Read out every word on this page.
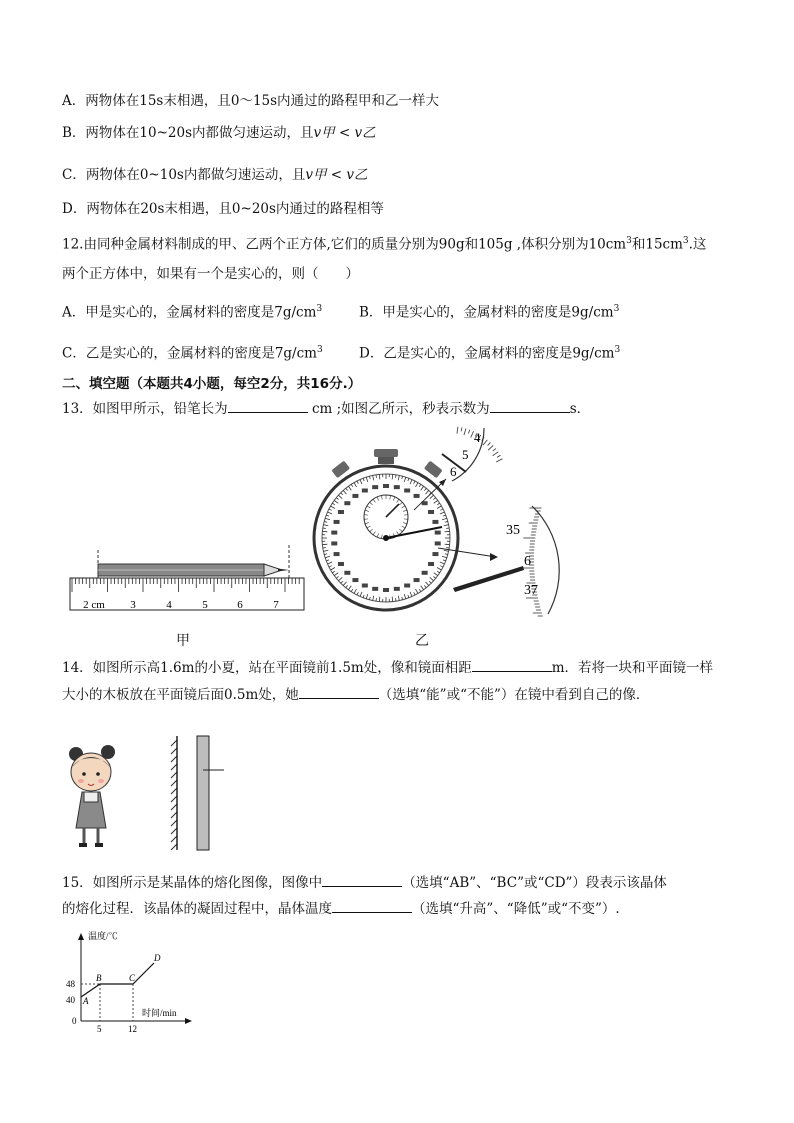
A．两物体在15s末相遇，且0～15s内通过的路程甲和乙一样大
B．两物体在10~20s内都做匀速运动，且v甲 < v乙
C．两物体在0~10s内都做匀速运动，且v甲 < v乙
D．两物体在20s末相遇，且0~20s内通过的路程相等
12.由同种金属材料制成的甲、乙两个正方体,它们的质量分别为90g和105g ,体积分别为$10cm^3$和$15cm^3$.这
两个正方体中，如果有一个是实心的，则（　　）
A．甲是实心的，金属材料的密度是$7g/cm^3$	B．甲是实心的，金属材料的密度是$9g/cm^3$
C．乙是实心的，金属材料的密度是$7g/cm^3$	D．乙是实心的，金属材料的密度是$9g/cm^3$
二、填空题（本题共4小题，每空2分，共16分.）
13．如图甲所示，铅笔长为	cm ;如图乙所示，秒表示数为	s．
2 cm 3	4	5	6	7
甲
4
5
6
35
6
37
乙
14．如图所示高1.6m的小夏，站在平面镜前1.5m处，像和镜面相距	m．若将一块和平面镜一样
大小的木板放在平面镜后面0.5m处，她	（选填“能”或“不能”）在镜中看到自己的像．
15．如图所示是某晶体的熔化图像，图像中	（选填“AB”、“BC”或“CD”）段表示该晶体
的熔化过程．该晶体的凝固过程中，晶体温度	（选填“升高”、“降低”或“不变”）.
温度/℃
时间/min
48
40
0
5	12
A
B	C
D
